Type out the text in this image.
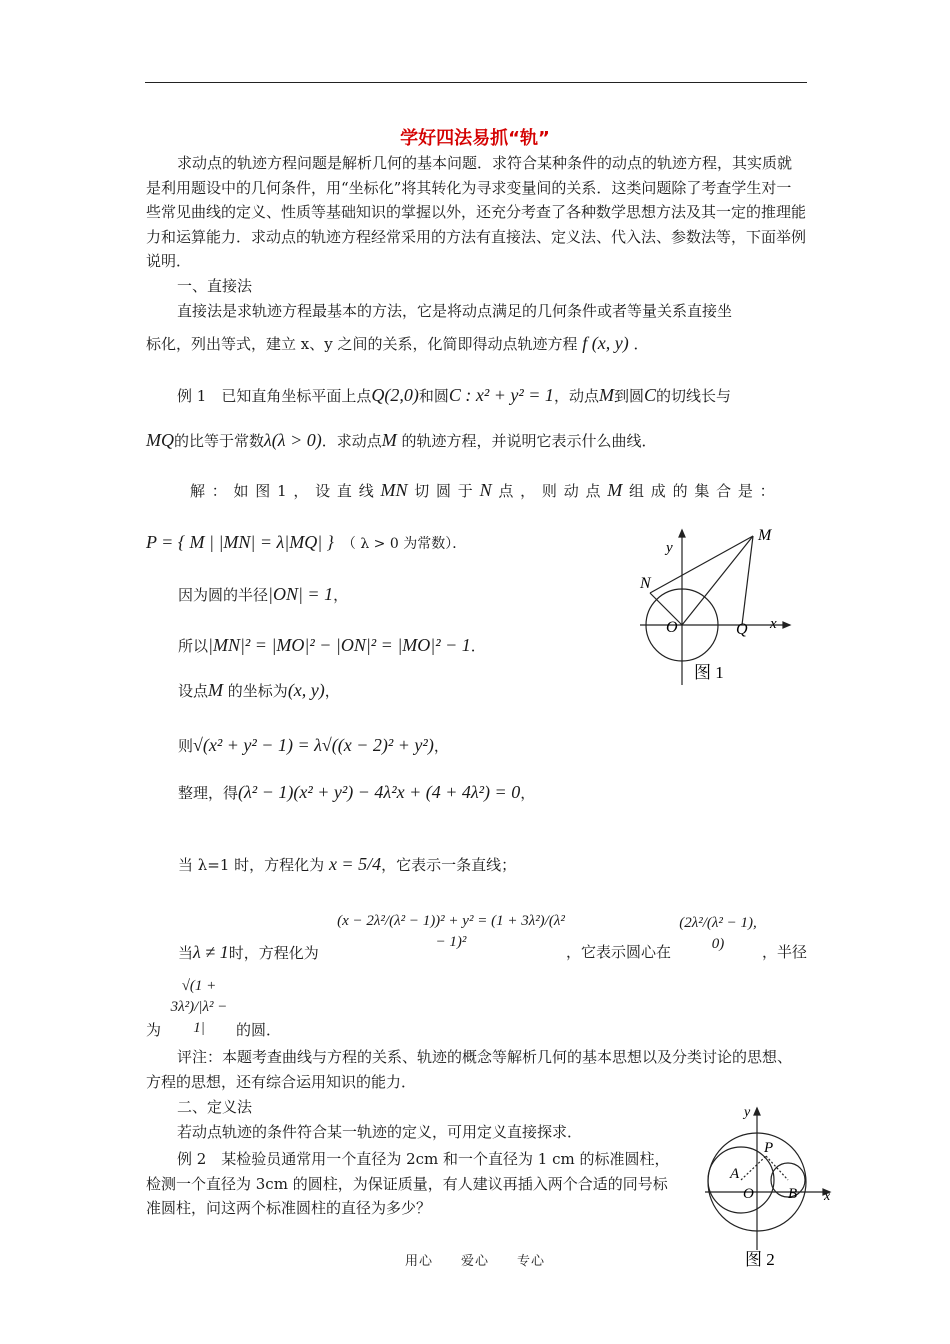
学好四法易抓“轨”
求动点的轨迹方程问题是解析几何的基本问题．求符合某种条件的动点的轨迹方程，其实质就是利用题设中的几何条件，用“坐标化”将其转化为寻求变量间的关系．这类问题除了考查学生对一些常见曲线的定义、性质等基础知识的掌握以外，还充分考查了各种数学思想方法及其一定的推理能力和运算能力．求动点的轨迹方程经常采用的方法有直接法、定义法、代入法、参数法等，下面举例说明．
一、直接法
直接法是求轨迹方程最基本的方法，它是将动点满足的几何条件或者等量关系直接坐
标化，列出等式，建立 x、y 之间的关系，化简即得动点轨迹方程 f (x, y) ．
例 1　 已知直角坐标平面上点Q(2,0)和圆C : x² + y² = 1，动点M到圆C的切线长与
MQ的比等于常数λ(λ > 0)．求动点M 的轨迹方程，并说明它表示什么曲线．
解 ： 如 图 1 ， 设 直 线 MN 切 圆 于 N 点 ， 则 动 点 M 组 成 的 集 合 是 ：
P = { M | |MN| = λ|MQ| }　 （ λ > 0 为常数）．
因为圆的半径|ON| = 1，
所以|MN|² = |MO|² − |ON|² = |MO|² − 1．
设点M 的坐标为(x, y)，
则√(x² + y² − 1) = λ√((x − 2)² + y²)，
整理，得(λ² − 1)(x² + y²) − 4λ²x + (4 + 4λ²) = 0，
当 λ=1 时，方程化为 x = 5/4，它表示一条直线；
当λ ≠ 1时，方程化为
(x − 2λ²/(λ² − 1))² + y² = (1 + 3λ²)/(λ² − 1)²
，它表示圆心在
(2λ²/(λ² − 1), 0)	，半径
√(1 + 3λ²)/|λ² − 1|
为	的圆．
评注：本题考查曲线与方程的关系、轨迹的概念等解析几何的基本思想以及分类讨论的思想、方程的思想，还有综合运用知识的能力．
二、定义法
若动点轨迹的条件符合某一轨迹的定义，可用定义直接探求．
例 2　某检验员通常用一个直径为 2cm 和一个直径为 1 cm 的标准圆柱，检测一个直径为 3cm 的圆柱，为保证质量，有人建议再插入两个合适的同号标准圆柱，问这两个标准圆柱的直径为多少？
y
M
N
O	Q x
图 1
y
P
A
O B x
图 2
用心　　爱心　　专心
